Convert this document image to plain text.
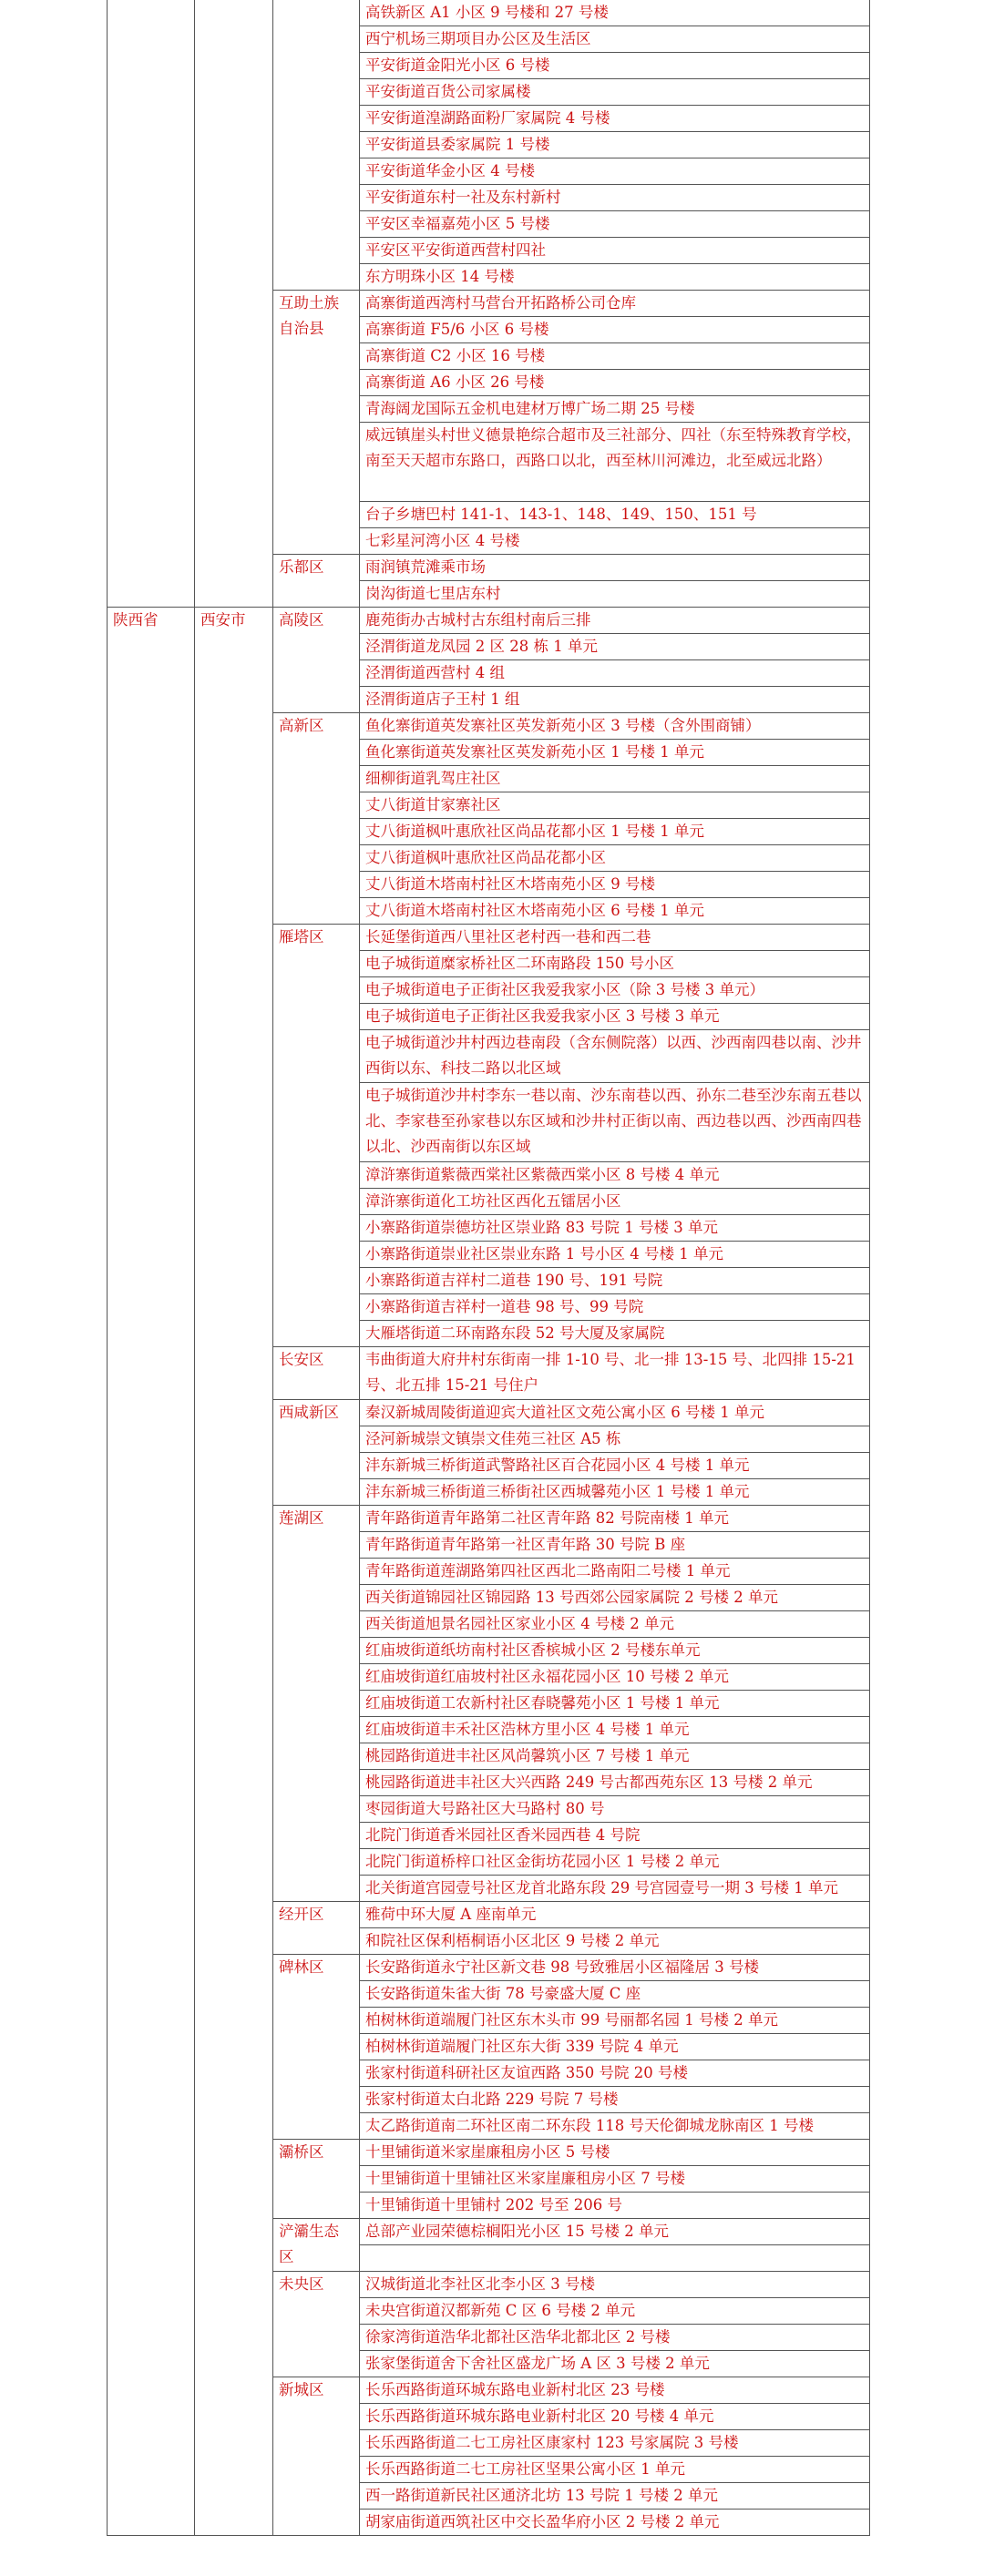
			高铁新区 A1 小区 9 号楼和 27 号楼
			西宁机场三期项目办公区及生活区
			平安街道金阳光小区 6 号楼
			平安街道百货公司家属楼
			平安街道湟湖路面粉厂家属院 4 号楼
			平安街道县委家属院 1 号楼
			平安街道华金小区 4 号楼
			平安街道东村一社及东村新村
			平安区幸福嘉苑小区 5 号楼
			平安区平安街道西营村四社
			东方明珠小区 14 号楼
		互助土族自治县	高寨街道西湾村马营台开拓路桥公司仓库
			高寨街道 F5/6 小区 6 号楼
			高寨街道 C2 小区 16 号楼
			高寨街道 A6 小区 26 号楼
			青海阔龙国际五金机电建材万博广场二期 25 号楼
			威远镇崖头村世义德景艳综合超市及三社部分、四社（东至特殊教育学校，南至天天超市东路口，西路口以北，西至林川河滩边，北至威远北路）
			台子乡塘巴村 141-1、143-1、148、149、150、151 号
			七彩星河湾小区 4 号楼
		乐都区	雨润镇荒滩乘市场
			岗沟街道七里店东村
陕西省	西安市	高陵区	鹿苑街办古城村古东组村南后三排
			泾渭街道龙凤园 2 区 28 栋 1 单元
			泾渭街道西营村 4 组
			泾渭街道店子王村 1 组
		高新区	鱼化寨街道英发寨社区英发新苑小区 3 号楼（含外围商铺）
			鱼化寨街道英发寨社区英发新苑小区 1 号楼 1 单元
			细柳街道乳驾庄社区
			丈八街道甘家寨社区
			丈八街道枫叶惠欣社区尚品花都小区 1 号楼 1 单元
			丈八街道枫叶惠欣社区尚品花都小区
			丈八街道木塔南村社区木塔南苑小区 9 号楼
			丈八街道木塔南村社区木塔南苑小区 6 号楼 1 单元
		雁塔区	长延堡街道西八里社区老村西一巷和西二巷
			电子城街道糜家桥社区二环南路段 150 号小区
			电子城街道电子正街社区我爱我家小区（除 3 号楼 3 单元）
			电子城街道电子正街社区我爱我家小区 3 号楼 3 单元
			电子城街道沙井村西边巷南段（含东侧院落）以西、沙西南四巷以南、沙井西街以东、科技二路以北区域
			电子城街道沙井村李东一巷以南、沙东南巷以西、孙东二巷至沙东南五巷以北、李家巷至孙家巷以东区域和沙井村正街以南、西边巷以西、沙西南四巷以北、沙西南街以东区域
			漳浒寨街道紫薇西棠社区紫薇西棠小区 8 号楼 4 单元
			漳浒寨街道化工坊社区西化五镭居小区
			小寨路街道崇德坊社区崇业路 83 号院 1 号楼 3 单元
			小寨路街道崇业社区崇业东路 1 号小区 4 号楼 1 单元
			小寨路街道吉祥村二道巷 190 号、191 号院
			小寨路街道吉祥村一道巷 98 号、99 号院
			大雁塔街道二环南路东段 52 号大厦及家属院
		长安区	韦曲街道大府井村东街南一排 1-10 号、北一排 13-15 号、北四排 15-21 号、北五排 15-21 号住户
		西咸新区	秦汉新城周陵街道迎宾大道社区文苑公寓小区 6 号楼 1 单元
			泾河新城崇文镇崇文佳苑三社区 A5 栋
			沣东新城三桥街道武警路社区百合花园小区 4 号楼 1 单元
			沣东新城三桥街道三桥街社区西城馨苑小区 1 号楼 1 单元
		莲湖区	青年路街道青年路第二社区青年路 82 号院南楼 1 单元
			青年路街道青年路第一社区青年路 30 号院 B 座
			青年路街道莲湖路第四社区西北二路南阳二号楼 1 单元
			西关街道锦园社区锦园路 13 号西郊公园家属院 2 号楼 2 单元
			西关街道旭景名园社区家业小区 4 号楼 2 单元
			红庙坡街道纸坊南村社区香槟城小区 2 号楼东单元
			红庙坡街道红庙坡村社区永福花园小区 10 号楼 2 单元
			红庙坡街道工农新村社区春晓馨苑小区 1 号楼 1 单元
			红庙坡街道丰禾社区浩林方里小区 4 号楼 1 单元
			桃园路街道进丰社区风尚馨筑小区 7 号楼 1 单元
			桃园路街道进丰社区大兴西路 249 号古都西苑东区 13 号楼 2 单元
			枣园街道大号路社区大马路村 80 号
			北院门街道香米园社区香米园西巷 4 号院
			北院门街道桥梓口社区金街坊花园小区 1 号楼 2 单元
			北关街道宫园壹号社区龙首北路东段 29 号宫园壹号一期 3 号楼 1 单元
		经开区	雅荷中环大厦 A 座南单元
			和院社区保利梧桐语小区北区 9 号楼 2 单元
		碑林区	长安路街道永宁社区新文巷 98 号致雅居小区福隆居 3 号楼
			长安路街道朱雀大街 78 号豪盛大厦 C 座
			柏树林街道端履门社区东木头市 99 号丽都名园 1 号楼 2 单元
			柏树林街道端履门社区东大街 339 号院 4 单元
			张家村街道科研社区友谊西路 350 号院 20 号楼
			张家村街道太白北路 229 号院 7 号楼
			太乙路街道南二环社区南二环东段 118 号天伦御城龙脉南区 1 号楼
		灞桥区	十里铺街道米家崖廉租房小区 5 号楼
			十里铺街道十里铺社区米家崖廉租房小区 7 号楼
			十里铺街道十里铺村 202 号至 206 号
		浐灞生态区	总部产业园荣德棕榈阳光小区 15 号楼 2 单元

		未央区	汉城街道北李社区北李小区 3 号楼
			未央宫街道汉都新苑 C 区 6 号楼 2 单元
			徐家湾街道浩华北都社区浩华北都北区 2 号楼
			张家堡街道舍下舍社区盛龙广场 A 区 3 号楼 2 单元
		新城区	长乐西路街道环城东路电业新村北区 23 号楼
			长乐西路街道环城东路电业新村北区 20 号楼 4 单元
			长乐西路街道二七工房社区康家村 123 号家属院 3 号楼
			长乐西路街道二七工房社区坚果公寓小区 1 单元
			西一路街道新民社区通济北坊 13 号院 1 号楼 2 单元
			胡家庙街道西筑社区中交长盈华府小区 2 号楼 2 单元
